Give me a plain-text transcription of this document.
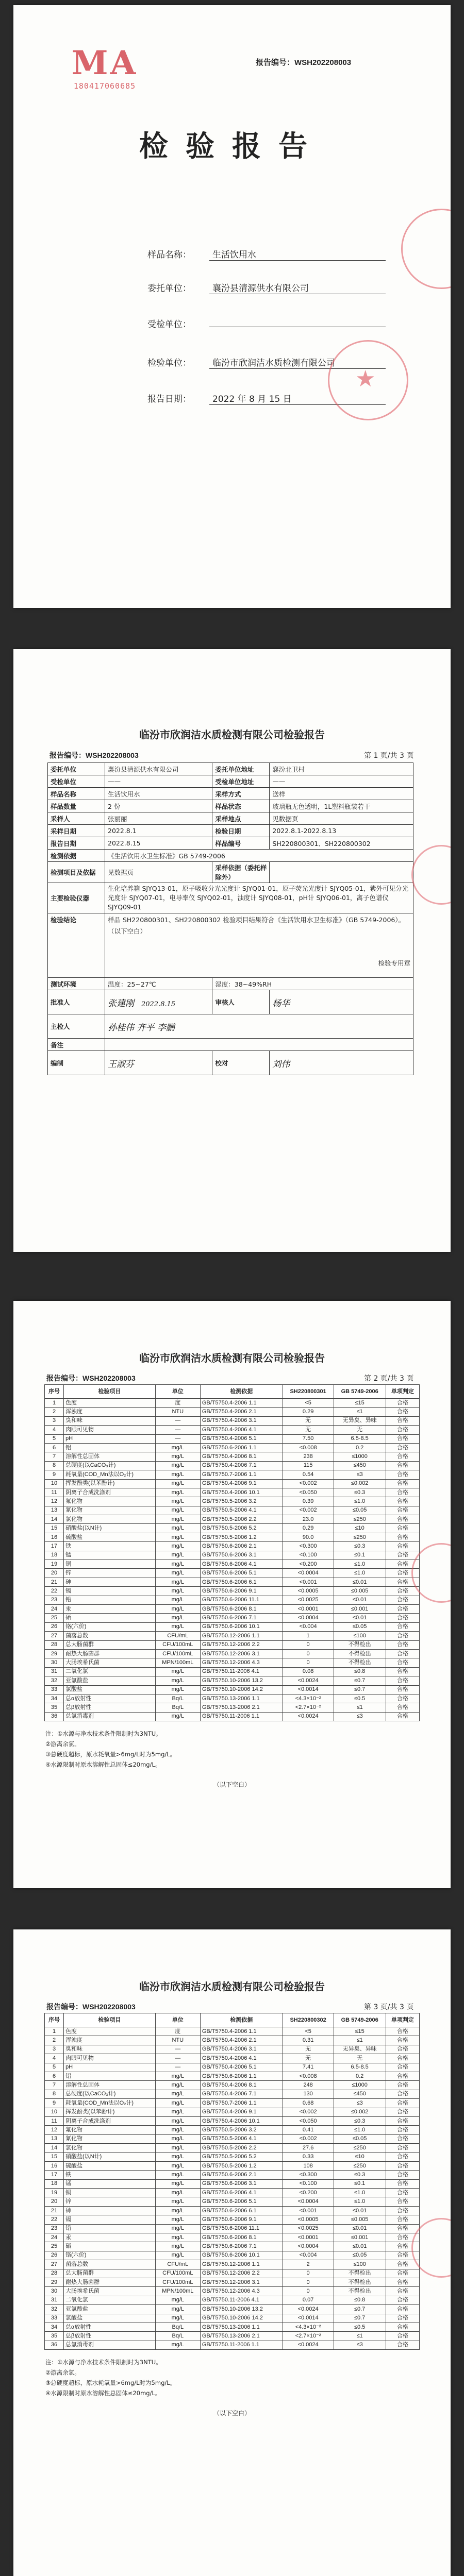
MA
180417060685
报告编号：WSH202208003
检验报告
样品名称： 生活饮用水
委托单位： 襄汾县清源供水有限公司
受检单位：
检验单位： 临汾市欣润洁水质检测有限公司
报告日期： 2022 年 8 月 15 日
★
临汾市欣润洁水质检测有限公司检验报告
报告编号：WSH202208003	第 1 页/共 3 页
委托单位	襄汾县清源供水有限公司	委托单位地址	襄汾北卫村
受检单位	——	受检单位地址	——
样品名称	生活饮用水	采样方式	送样
样品数量	2 份	样品状态	玻璃瓶无色透明，1L塑料瓶装若干
采样人	张丽丽	采样地点	见数据页
采样日期	2022.8.1	检验日期	2022.8.1-2022.8.13
报告日期	2022.8.15	样品编号	SH220800301、SH220800302
检测依据	《生活饮用水卫生标准》GB 5749-2006		
检测项目及依据	见数据页	采样依据（委托样除外）	
主要检验仪器	生化培养箱 SJYQ13-01，原子吸收分光光度计 SJYQ01-01，原子荧光光度计 SJYQ05-01，紫外可见分光光度计 SJYQ07-01，电导率仪 SJYQ02-01，浊度计 SJYQ08-01，pH计 SJYQ06-01，离子色谱仪 SJYQ09-01		
检验结论	样品 SH220800301、SH220800302 检验项目结果符合《生活饮用水卫生标准》（GB 5749-2006）。（以下空白）
检验专用章		

测试环境	温度：25~27℃	湿度：38~49%RH	
批准人	张建刚 2022.8.15	审核人	杨华
主检人	孙桂伟 齐平 李鹏		
备注			
编制	王淑芬	校对	刘伟
临汾市欣润洁水质检测有限公司检验报告
报告编号：WSH202208003	第 2 页/共 3 页
序号	检验项目	单位	检测依据	SH220800301	GB 5749-2006	单项判定
1	色度	度	GB/T5750.4-2006 1.1	<5	≤15	合格
2	浑浊度	NTU	GB/T5750.4-2006 2.1	0.29	≤1	合格
3	臭和味	—	GB/T5750.4-2006 3.1	无	无异臭、异味	合格
4	肉眼可见物	—	GB/T5750.4-2006 4.1	无	无	合格
5	pH	—	GB/T5750.4-2006 5.1	7.50	6.5-8.5	合格
6	铝	mg/L	GB/T5750.6-2006 1.1	<0.008	0.2	合格
7	溶解性总固体	mg/L	GB/T5750.4-2006 8.1	238	≤1000	合格
8	总硬度(以CaCO₃计)	mg/L	GB/T5750.4-2006 7.1	115	≤450	合格
9	耗氧量(COD_Mn法以O₂计)	mg/L	GB/T5750.7-2006 1.1	0.54	≤3	合格
10	挥发酚类(以苯酚计)	mg/L	GB/T5750.4-2006 9.1	<0.002	≤0.002	合格
11	阴离子合成洗涤剂	mg/L	GB/T5750.4-2006 10.1	<0.050	≤0.3	合格
12	氟化物	mg/L	GB/T5750.5-2006 3.2	0.39	≤1.0	合格
13	氰化物	mg/L	GB/T5750.5-2006 4.1	<0.002	≤0.05	合格
14	氯化物	mg/L	GB/T5750.5-2006 2.2	23.0	≤250	合格
15	硝酸盐(以N计)	mg/L	GB/T5750.5-2006 5.2	0.29	≤10	合格
16	硫酸盐	mg/L	GB/T5750.5-2006 1.2	90.0	≤250	合格
17	铁	mg/L	GB/T5750.6-2006 2.1	<0.300	≤0.3	合格
18	锰	mg/L	GB/T5750.6-2006 3.1	<0.100	≤0.1	合格
19	铜	mg/L	GB/T5750.6-2006 4.1	<0.200	≤1.0	合格
20	锌	mg/L	GB/T5750.6-2006 5.1	<0.0004	≤1.0	合格
21	砷	mg/L	GB/T5750.6-2006 6.1	<0.001	≤0.01	合格
22	镉	mg/L	GB/T5750.6-2006 9.1	<0.0005	≤0.005	合格
23	铅	mg/L	GB/T5750.6-2006 11.1	<0.0025	≤0.01	合格
24	汞	mg/L	GB/T5750.6-2006 8.1	<0.0001	≤0.001	合格
25	硒	mg/L	GB/T5750.6-2006 7.1	<0.0004	≤0.01	合格
26	铬(六价)	mg/L	GB/T5750.6-2006 10.1	<0.004	≤0.05	合格
27	菌落总数	CFU/mL	GB/T5750.12-2006 1.1	1	≤100	合格
28	总大肠菌群	CFU/100mL	GB/T5750.12-2006 2.2	0	不得检出	合格
29	耐热大肠菌群	CFU/100mL	GB/T5750.12-2006 3.1	0	不得检出	合格
30	大肠埃希氏菌	MPN/100mL	GB/T5750.12-2006 4.3	0	不得检出	合格
31	二氧化氯	mg/L	GB/T5750.11-2006 4.1	0.08	≤0.8	合格
32	亚氯酸盐	mg/L	GB/T5750.10-2006 13.2	<0.0024	≤0.7	合格
33	氯酸盐	mg/L	GB/T5750.10-2006 14.2	<0.0014	≤0.7	合格
34	总α放射性	Bq/L	GB/T5750.13-2006 1.1	<4.3×10⁻²	≤0.5	合格
35	总β放射性	Bq/L	GB/T5750.13-2006 2.1	<2.7×10⁻²	≤1	合格
36	总氯消毒剂	mg/L	GB/T5750.11-2006 1.1	<0.0024	≤3	合格
注：①水源与净水技术条件限制时为3NTU。
②游离余氯。
③总硬度超标，原水耗氧量>6mg/L时为5mg/L。
④水源限制时原水溶解性总固体≤20mg/L。
（以下空白）
临汾市欣润洁水质检测有限公司检验报告
报告编号：WSH202208003	第 3 页/共 3 页
序号	检验项目	单位	检测依据	SH220800302	GB 5749-2006	单项判定
1	色度	度	GB/T5750.4-2006 1.1	<5	≤15	合格
2	浑浊度	NTU	GB/T5750.4-2006 2.1	0.31	≤1	合格
3	臭和味	—	GB/T5750.4-2006 3.1	无	无异臭、异味	合格
4	肉眼可见物	—	GB/T5750.4-2006 4.1	无	无	合格
5	pH	—	GB/T5750.4-2006 5.1	7.41	6.5-8.5	合格
6	铝	mg/L	GB/T5750.6-2006 1.1	<0.008	0.2	合格
7	溶解性总固体	mg/L	GB/T5750.4-2006 8.1	248	≤1000	合格
8	总硬度(以CaCO₃计)	mg/L	GB/T5750.4-2006 7.1	130	≤450	合格
9	耗氧量(COD_Mn法以O₂计)	mg/L	GB/T5750.7-2006 1.1	0.68	≤3	合格
10	挥发酚类(以苯酚计)	mg/L	GB/T5750.4-2006 9.1	<0.002	≤0.002	合格
11	阴离子合成洗涤剂	mg/L	GB/T5750.4-2006 10.1	<0.050	≤0.3	合格
12	氟化物	mg/L	GB/T5750.5-2006 3.2	0.41	≤1.0	合格
13	氰化物	mg/L	GB/T5750.5-2006 4.1	<0.002	≤0.05	合格
14	氯化物	mg/L	GB/T5750.5-2006 2.2	27.6	≤250	合格
15	硝酸盐(以N计)	mg/L	GB/T5750.5-2006 5.2	0.33	≤10	合格
16	硫酸盐	mg/L	GB/T5750.5-2006 1.2	108	≤250	合格
17	铁	mg/L	GB/T5750.6-2006 2.1	<0.300	≤0.3	合格
18	锰	mg/L	GB/T5750.6-2006 3.1	<0.100	≤0.1	合格
19	铜	mg/L	GB/T5750.6-2006 4.1	<0.200	≤1.0	合格
20	锌	mg/L	GB/T5750.6-2006 5.1	<0.0004	≤1.0	合格
21	砷	mg/L	GB/T5750.6-2006 6.1	<0.001	≤0.01	合格
22	镉	mg/L	GB/T5750.6-2006 9.1	<0.0005	≤0.005	合格
23	铅	mg/L	GB/T5750.6-2006 11.1	<0.0025	≤0.01	合格
24	汞	mg/L	GB/T5750.6-2006 8.1	<0.0001	≤0.001	合格
25	硒	mg/L	GB/T5750.6-2006 7.1	<0.0004	≤0.01	合格
26	铬(六价)	mg/L	GB/T5750.6-2006 10.1	<0.004	≤0.05	合格
27	菌落总数	CFU/mL	GB/T5750.12-2006 1.1	2	≤100	合格
28	总大肠菌群	CFU/100mL	GB/T5750.12-2006 2.2	0	不得检出	合格
29	耐热大肠菌群	CFU/100mL	GB/T5750.12-2006 3.1	0	不得检出	合格
30	大肠埃希氏菌	MPN/100mL	GB/T5750.12-2006 4.3	0	不得检出	合格
31	二氧化氯	mg/L	GB/T5750.11-2006 4.1	0.07	≤0.8	合格
32	亚氯酸盐	mg/L	GB/T5750.10-2006 13.2	<0.0024	≤0.7	合格
33	氯酸盐	mg/L	GB/T5750.10-2006 14.2	<0.0014	≤0.7	合格
34	总α放射性	Bq/L	GB/T5750.13-2006 1.1	<4.3×10⁻²	≤0.5	合格
35	总β放射性	Bq/L	GB/T5750.13-2006 2.1	<2.7×10⁻²	≤1	合格
36	总氯消毒剂	mg/L	GB/T5750.11-2006 1.1	<0.0024	≤3	合格
注：①水源与净水技术条件限制时为3NTU。
②游离余氯。
③总硬度超标，原水耗氧量>6mg/L时为5mg/L。
④水源限制时原水溶解性总固体≤20mg/L。
（以下空白）
